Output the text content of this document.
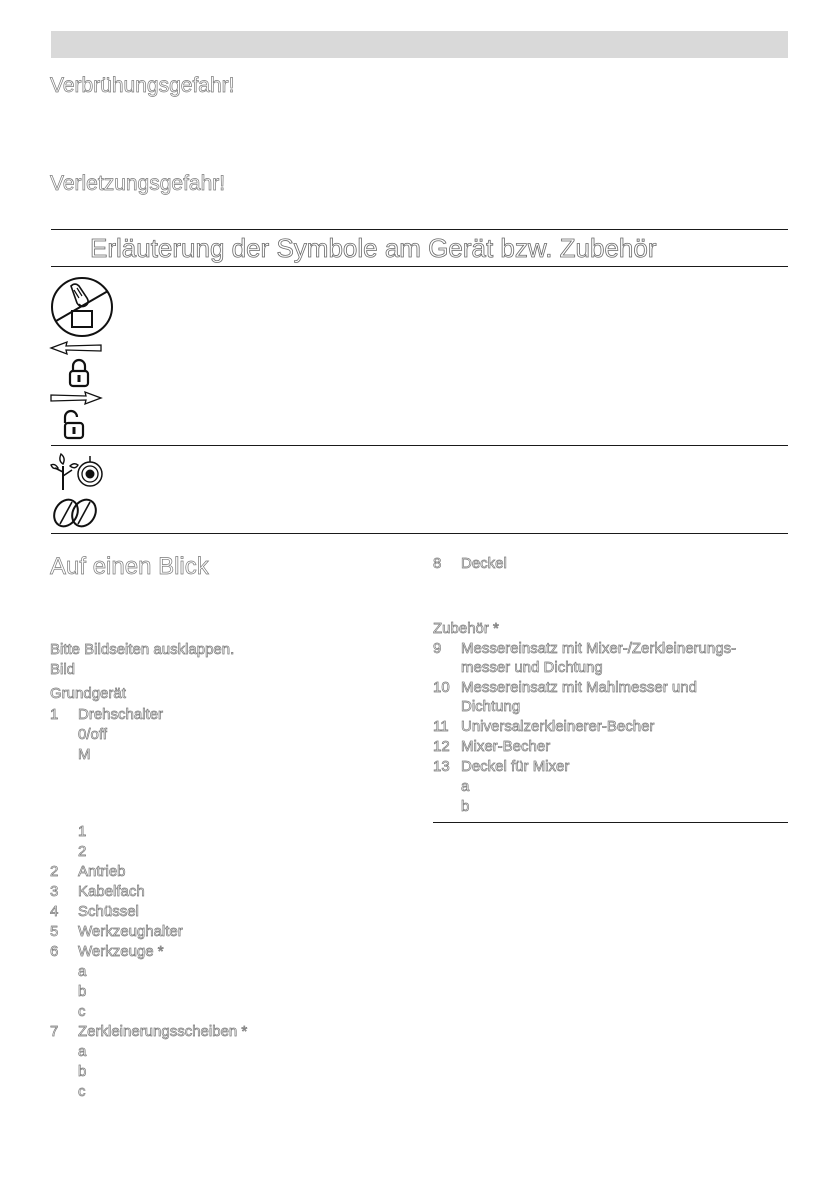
Verbrühungsgefahr!
Verletzungsgefahr!
Erläuterung der Symbole am Gerät bzw. Zubehör
Auf einen Blick
Bitte Bildseiten ausklappen.
Bild
Grundgerät
1 Drehschalter
0/off
M
1
2
2 Antrieb
3 Kabelfach
4 Schüssel
5 Werkzeughalter
6 Werkzeuge *
a
b
c
7 Zerkleinerungsscheiben *
a
b
c
8 Deckel
Zubehör *
9 Messereinsatz mit Mixer-/Zerkleinerungs-
messer und Dichtung
10 Messereinsatz mit Mahlmesser und
Dichtung
11 Universalzerkleinerer-Becher
12 Mixer-Becher
13 Deckel für Mixer
a
b
